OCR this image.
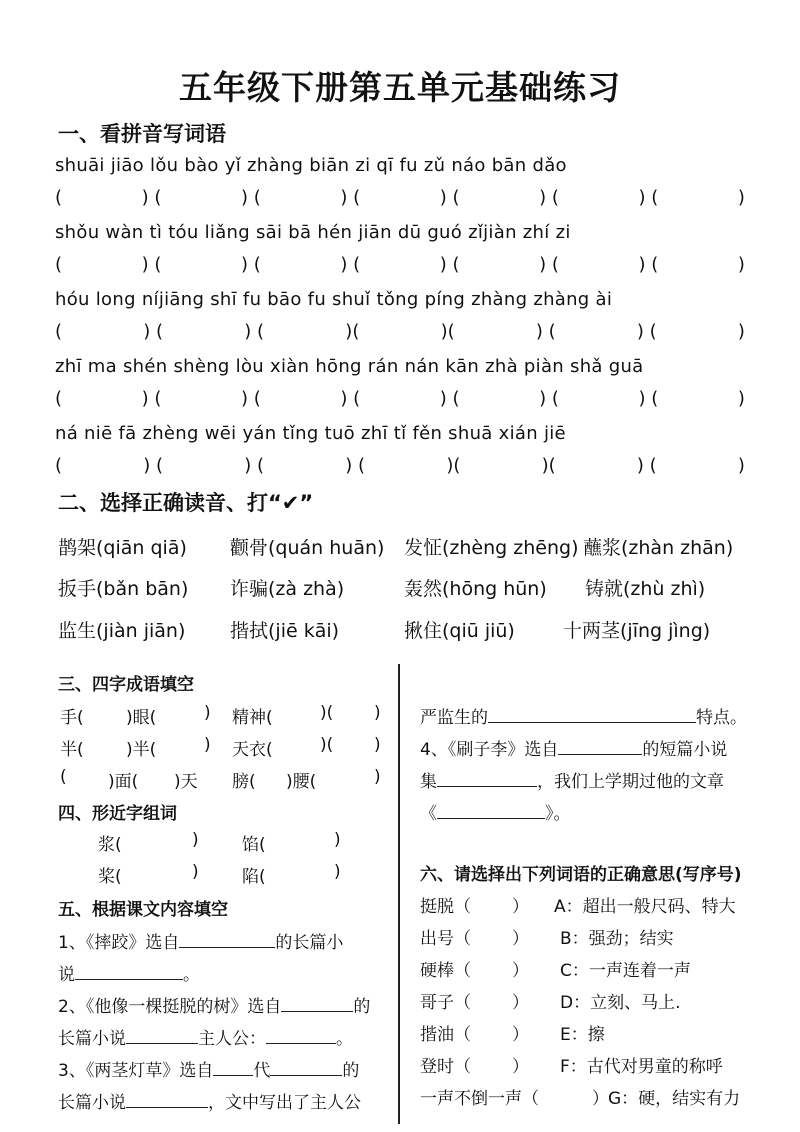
五年级下册第五单元基础练习
一、看拼音写词语
shuāi jiāo lǒu bào yǐ zhàng biān zi qī fu zǔ náo bān dǎo
(	) (	) (	) (	) (	) (	) (	)
shǒu wàn tì tóu liǎng sāi bā hén jiān dū guó zǐjiàn zhí zi
(	) (	) (	) (	) (	) (	) (	)
hóu long níjiāng shī fu bāo fu shuǐ tǒng píng zhàng zhàng ài
(	) (	) (	)(	)(	) (	) (	)
zhī ma shén shèng lòu xiàn hōng rán nán kān zhà piàn shǎ guā
(	) (	) (	) (	) (	) (	) (	)
ná niē fā zhèng wēi yán tǐng tuō zhī tǐ fěn shuā xián jiē
(	) (	) (	) (	)(	)(	) (	)
二、选择正确读音、打“✔”
鹊架(qiān qiā) 颧骨(quán huān) 发怔(zhèng zhēng) 蘸浆(zhàn zhān)
扳手(bǎn bān) 诈骗(zà zhà)	轰然(hōng hūn) 铸就(zhù zhì)
监生(jiàn jiān) 揩拭(jiē kāi)	揪住(qiū jiū)	十两茎(jīng jìng)
三、四字成语填空
手( )眼(	) 精神(	)( )
半( )半(	) 天衣(	)( )
( )面( )天 膀( )腰(	)
四、形近字组词
浆(	)	馅(	)
桨(	)	陷(	)
五、根据课文内容填空
1、《摔跤》选自	的长篇小
说	。
2、《他像一棵挺脱的树》选自	的
长篇小说	主人公：	。
3、《两茎灯草》选自 代	的
长篇小说	，文中写出了主人公
严监生的	特点。
4、《刷子李》选自	的短篇小说
集	，我们上学期过他的文章
《	》。
六、请选择出下列词语的正确意思(写序号)
挺脱（ ） A：超出一般尺码、特大
出号（ ） B：强劲；结实
硬棒（ ） C：一声连着一声
哥子（ ） D：立刻、马上.
揩油（ ） E：擦
登时（ ） F：古代对男童的称呼
一声不倒一声（	） G：硬，结实有力
